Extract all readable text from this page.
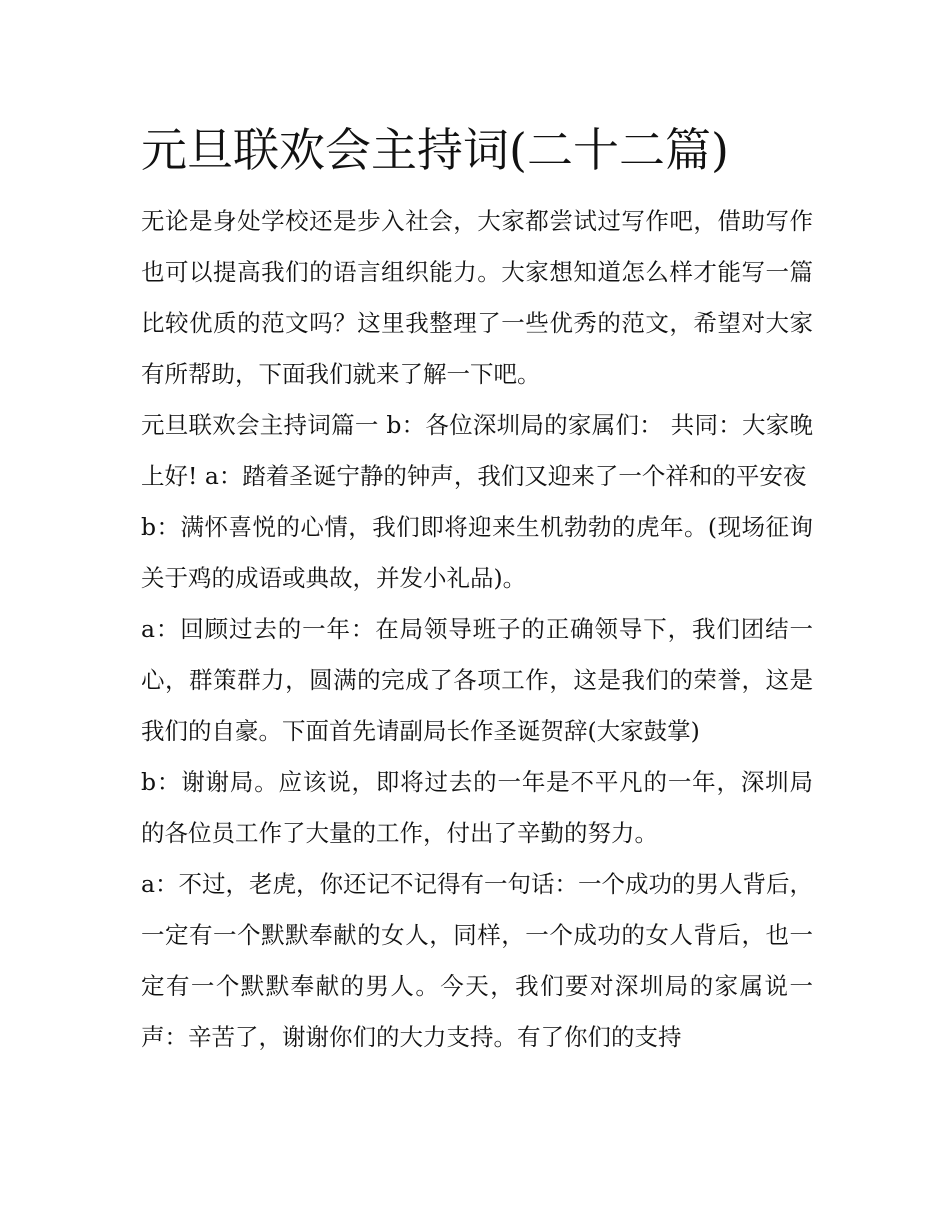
元旦联欢会主持词(二十二篇)

无论是身处学校还是步入社会，大家都尝试过写作吧，借助写作也可以提高我们的语言组织能力。大家想知道怎么样才能写一篇比较优质的范文吗？这里我整理了一些优秀的范文，希望对大家有所帮助，下面我们就来了解一下吧。

元旦联欢会主持词篇一 b：各位深圳局的家属们： 共同：大家晚上好! a：踏着圣诞宁静的钟声，我们又迎来了一个祥和的平安夜

b：满怀喜悦的心情，我们即将迎来生机勃勃的虎年。(现场征询关于鸡的成语或典故，并发小礼品)。

a：回顾过去的一年：在局领导班子的正确领导下，我们团结一心，群策群力，圆满的完成了各项工作，这是我们的荣誉，这是我们的自豪。下面首先请副局长作圣诞贺辞(大家鼓掌)

b：谢谢局。应该说，即将过去的一年是不平凡的一年，深圳局的各位员工作了大量的工作，付出了辛勤的努力。

a：不过，老虎，你还记不记得有一句话：一个成功的男人背后，一定有一个默默奉献的女人，同样，一个成功的女人背后，也一定有一个默默奉献的男人。今天，我们要对深圳局的家属说一声：辛苦了，谢谢你们的大力支持。有了你们的支持
